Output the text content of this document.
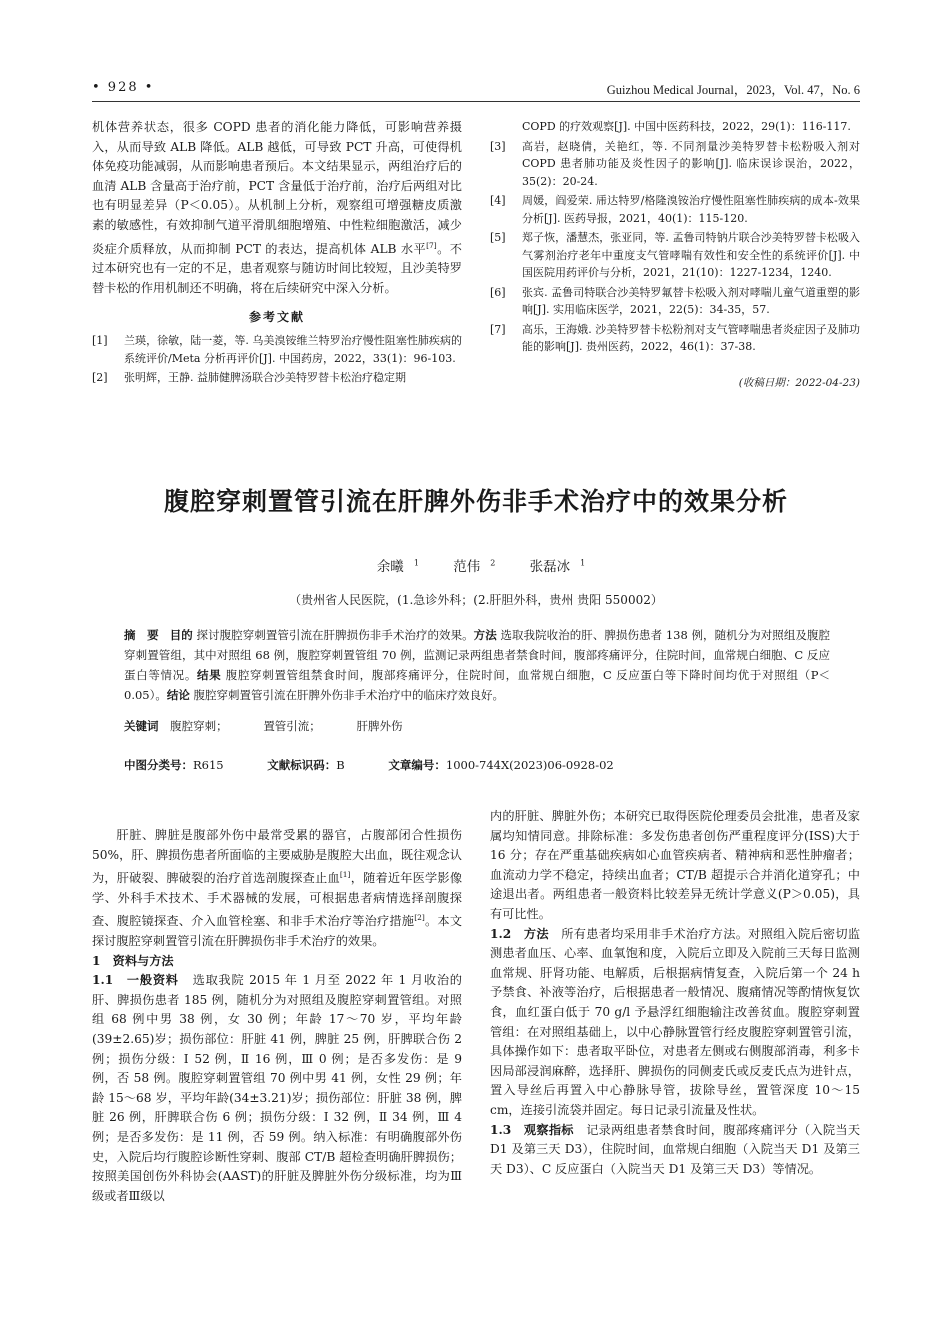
• 928 •	Guizhou Medical Journal，2023，Vol. 47，No. 6

机体营养状态，很多 COPD 患者的消化能力降低，可影响营养摄入，从而导致 ALB 降低。ALB 越低，可导致 PCT 升高，可使得机体免疫功能减弱，从而影响患者预后。本文结果显示，两组治疗后的血清 ALB 含量高于治疗前，PCT 含量低于治疗前，治疗后两组对比也有明显差异（P＜0.05）。从机制上分析，观察组可增强糖皮质激素的敏感性，有效抑制气道平滑肌细胞增殖、中性粒细胞激活，减少炎症介质释放，从而抑制 PCT 的表达，提高机体 ALB 水平[7]。不过本研究也有一定的不足，患者观察与随访时间比较短，且沙美特罗替卡松的作用机制还不明确，将在后续研究中深入分析。

参考文献
[1]	兰瑛，徐敏，陆一菱，等. 乌美溴铵维兰特罗治疗慢性阻塞性肺疾病的系统评价/Meta 分析再评价[J]. 中国药房，2022，33(1)：96-103.
[2]	张明辉，王静. 益肺健脾汤联合沙美特罗替卡松治疗稳定期
COPD 的疗效观察[J]. 中国中医药科技，2022，29(1)：116-117.
[3]	高岩，赵晓倩，关艳红，等. 不同剂量沙美特罗替卡松粉吸入剂对 COPD 患者肺功能及炎性因子的影响[J]. 临床误诊误治，2022，35(2)：20-24.
[4]	周媛，阎爱荣. 乕达特罗/格隆溴铵治疗慢性阻塞性肺疾病的成本-效果分析[J]. 医药导报，2021，40(1)：115-120.
[5]	郑子恢，潘慧杰，张亚同，等. 孟鲁司特钠片联合沙美特罗替卡松吸入气雾剂治疗老年中重度支气管哮喘有效性和安全性的系统评价[J]. 中国医院用药评价与分析，2021，21(10)：1227-1234，1240.
[6]	张宾. 孟鲁司特联合沙美特罗氟替卡松吸入剂对哮喘儿童气道重塑的影响[J]. 实用临床医学，2021，22(5)：34-35，57.
[7]	高乐，王海娥. 沙美特罗替卡松粉剂对支气管哮喘患者炎症因子及肺功能的影响[J]. 贵州医药，2022，46(1)：37-38.
(收稿日期：2022-04-23)
腹腔穿刺置管引流在肝脾外伤非手术治疗中的效果分析
余曦 $^1$	范伟 $^2$	张磊冰 $^1$
（贵州省人民医院，(1.急诊外科；(2.肝胆外科，贵州 贵阳 550002）
摘　要 目的 探讨腹腔穿刺置管引流在肝脾损伤非手术治疗的效果。方法 选取我院收治的肝、脾损伤患者 138 例，随机分为对照组及腹腔穿刺置管组，其中对照组 68 例，腹腔穿刺置管组 70 例，监测记录两组患者禁食时间，腹部疼痛评分，住院时间，血常规白细胞、C 反应蛋白等情况。结果 腹腔穿刺置管组禁食时间，腹部疼痛评分，住院时间，血常规白细胞，C 反应蛋白等下降时间均优于对照组（P＜0.05）。结论 腹腔穿刺置管引流在肝脾外伤非手术治疗中的临床疗效良好。
关键词 腹腔穿刺；	置管引流；	肝脾外伤
中图分类号：R615	文献标识码：B	文章编号：1000-744X(2023)06-0928-02

肝脏、脾脏是腹部外伤中最常受累的器官，占腹部闭合性损伤 50%，肝、脾损伤患者所面临的主要威胁是腹腔大出血，既往观念认为，肝破裂、脾破裂的治疗首选剖腹探查止血[1]，随着近年医学影像学、外科手术技术、手术器械的发展，可根据患者病情选择剖腹探查、腹腔镜探查、介入血管栓塞、和非手术治疗等治疗措施[2]。本文探讨腹腔穿刺置管引流在肝脾损伤非手术治疗的效果。

1　资料与方法

1.1　一般资料 选取我院 2015 年 1 月至 2022 年 1 月收治的肝、脾损伤患者 185 例，随机分为对照组及腹腔穿刺置管组。对照组 68 例中男 38 例，女 30 例；年龄 17～70 岁，平均年龄(39±2.65)岁；损伤部位：肝脏 41 例，脾脏 25 例，肝脾联合伤 2 例；损伤分级：Ⅰ 52 例，Ⅱ 16 例，Ⅲ 0 例；是否多发伤：是 9 例，否 58 例。腹腔穿刺置管组 70 例中男 41 例，女性 29 例；年龄 15～68 岁，平均年龄(34±3.21)岁；损伤部位：肝脏 38 例，脾脏 26 例，肝脾联合伤 6 例；损伤分级：Ⅰ 32 例，Ⅱ 34 例，Ⅲ 4 例；是否多发伤：是 11 例，否 59 例。纳入标准：有明确腹部外伤史，入院后均行腹腔诊断性穿刺、腹部 CT/B 超检查明确肝脾损伤；按照美国创伤外科协会(AAST)的肝脏及脾脏外伤分级标准，均为Ⅲ级或者Ⅲ级以

内的肝脏、脾脏外伤；本研究已取得医院伦理委员会批准，患者及家属均知情同意。排除标准：多发伤患者创伤严重程度评分(ISS)大于 16 分；存在严重基础疾病如心血管疾病者、精神病和恶性肿瘤者；血流动力学不稳定，持续出血者；CT/B 超提示合并消化道穿孔；中途退出者。两组患者一般资料比较差异无统计学意义(P＞0.05)，具有可比性。

1.2　方法 所有患者均采用非手术治疗方法。对照组入院后密切监测患者血压、心率、血氧饱和度，入院后立即及入院前三天每日监测血常规、肝肾功能、电解质，后根据病情复查，入院后第一个 24 h 予禁食、补液等治疗，后根据患者一般情况、腹痛情况等酌情恢复饮食，血红蛋白低于 70 g/l 予悬浮红细胞输注改善贫血。腹腔穿刺置管组：在对照组基础上，以中心静脉置管行经皮腹腔穿刺置管引流，具体操作如下：患者取平卧位，对患者左侧或右侧腹部消毒，利多卡因局部浸润麻醉，选择肝、脾损伤的同侧麦氏或反麦氏点为进针点，置入导丝后再置入中心静脉导管，拔除导丝，置管深度 10～15 cm，连接引流袋并固定。每日记录引流量及性状。

1.3　观察指标 记录两组患者禁食时间，腹部疼痛评分（入院当天 D1 及第三天 D3），住院时间，血常规白细胞（入院当天 D1 及第三天 D3）、C 反应蛋白（入院当天 D1 及第三天 D3）等情况。
